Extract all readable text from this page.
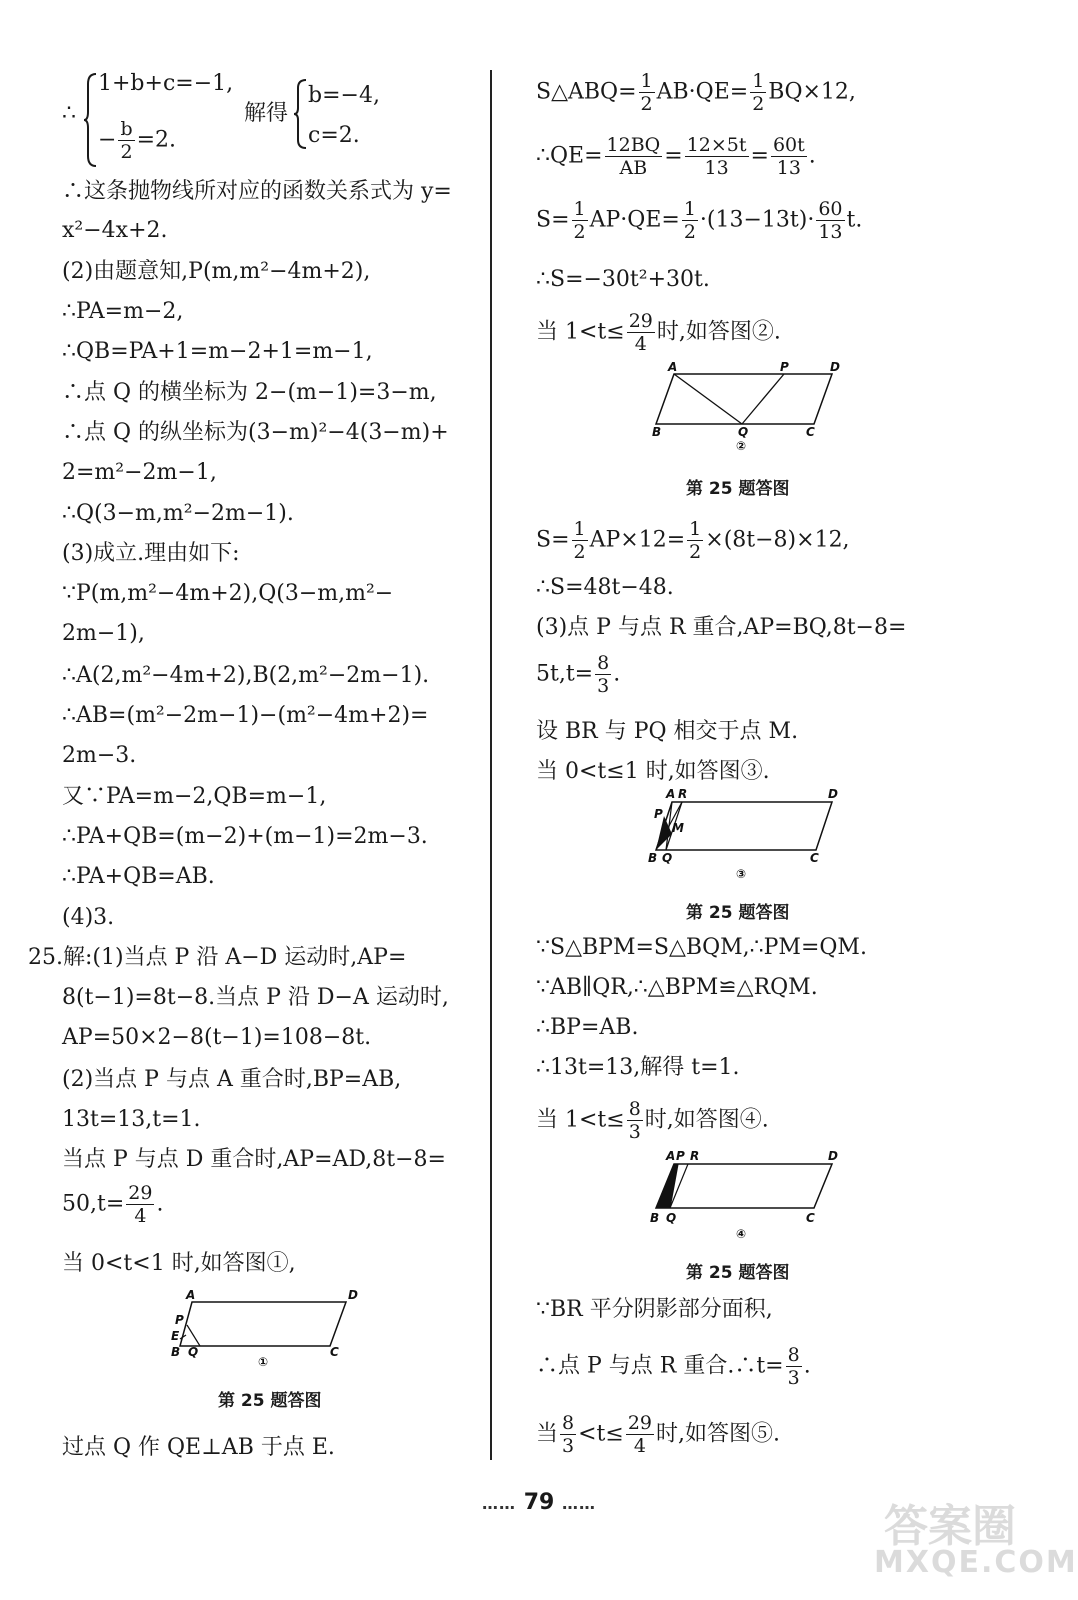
∴
1+b+c=−1,
− $\frac{b}{2} =2$.
解得
b=−4,
c=2.
∴这条抛物线所对应的函数关系式为 y=
x²−4x+2.
(2)由题意知,P(m,m²−4m+2),
∴PA=m−2,
∴QB=PA+1=m−2+1=m−1,
∴点 Q 的横坐标为 2−(m−1)=3−m,
∴点 Q 的纵坐标为(3−m)²−4(3−m)+
2=m²−2m−1,
∴Q(3−m,m²−2m−1).
(3)成立.理由如下:
∵P(m,m²−4m+2),Q(3−m,m²−
2m−1),
∴A(2,m²−4m+2),B(2,m²−2m−1).
∴AB=(m²−2m−1)−(m²−4m+2)=
2m−3.
又∵PA=m−2,QB=m−1,
∴PA+QB=(m−2)+(m−1)=2m−3.
∴PA+QB=AB.
(4)3.
25.解:(1)当点 P 沿 A−D 运动时,AP=
8(t−1)=8t−8.当点 P 沿 D−A 运动时,
AP=50×2−8(t−1)=108−8t.
(2)当点 P 与点 A 重合时,BP=AB,
13t=13,t=1.
当点 P 与点 D 重合时,AP=AD,8t−8=
$50,t= \frac{29}{4}$ .
当 0<t<1 时,如答图①,
A	D
P
E
B Q	C
①
第 25 题答图
过点 Q 作 QE⊥AB 于点 E.
S△ABQ= $\frac{1}{2} AB\cdot QE= \frac{1}{2} BQ\times 12$,
∴QE= $\frac{12BQ}{AB} = \frac{12\times 5t}{13} = \frac{60t}{13}$ .
$S= \frac{1}{2} AP\cdot QE= \frac{1}{2} \cdot(13-13t)\cdot \frac{60}{13} t$.
∴S=−30t²+30t.
当 $1<t\le \frac{29}{4}$ 时,如答图②.
A	P	D
B	Q	C
②
第 25 题答图
$S= \frac{1}{2} AP\times 12= \frac{1}{2} \times(8t-8)\times 12$,
∴S=48t−48.
(3)点 P 与点 R 重合,AP=BQ,8t−8=
$5t,t= \frac{8}{3}$ .
设 BR 与 PQ 相交于点 M.
当 0<t≤1 时,如答图③.
A R	D
P
M
B Q	C
③
第 25 题答图
∵S△BPM=S△BQM,∴PM=QM.
∵AB∥QR,∴△BPM≌△RQM.
∴BP=AB.
∴13t=13,解得 t=1.
当 $1<t\le \frac{8}{3}$ 时,如答图④.
A P R	D
B Q	C
④
第 25 题答图
∵BR 平分阴影部分面积,
∴点 P 与点 R 重合.∴t= $\frac{8}{3}$ .
当 $\frac{8}{3} <t\le \frac{29}{4}$ 时,如答图⑤.
…… 79 ……	答案圈
MXQE.COM
